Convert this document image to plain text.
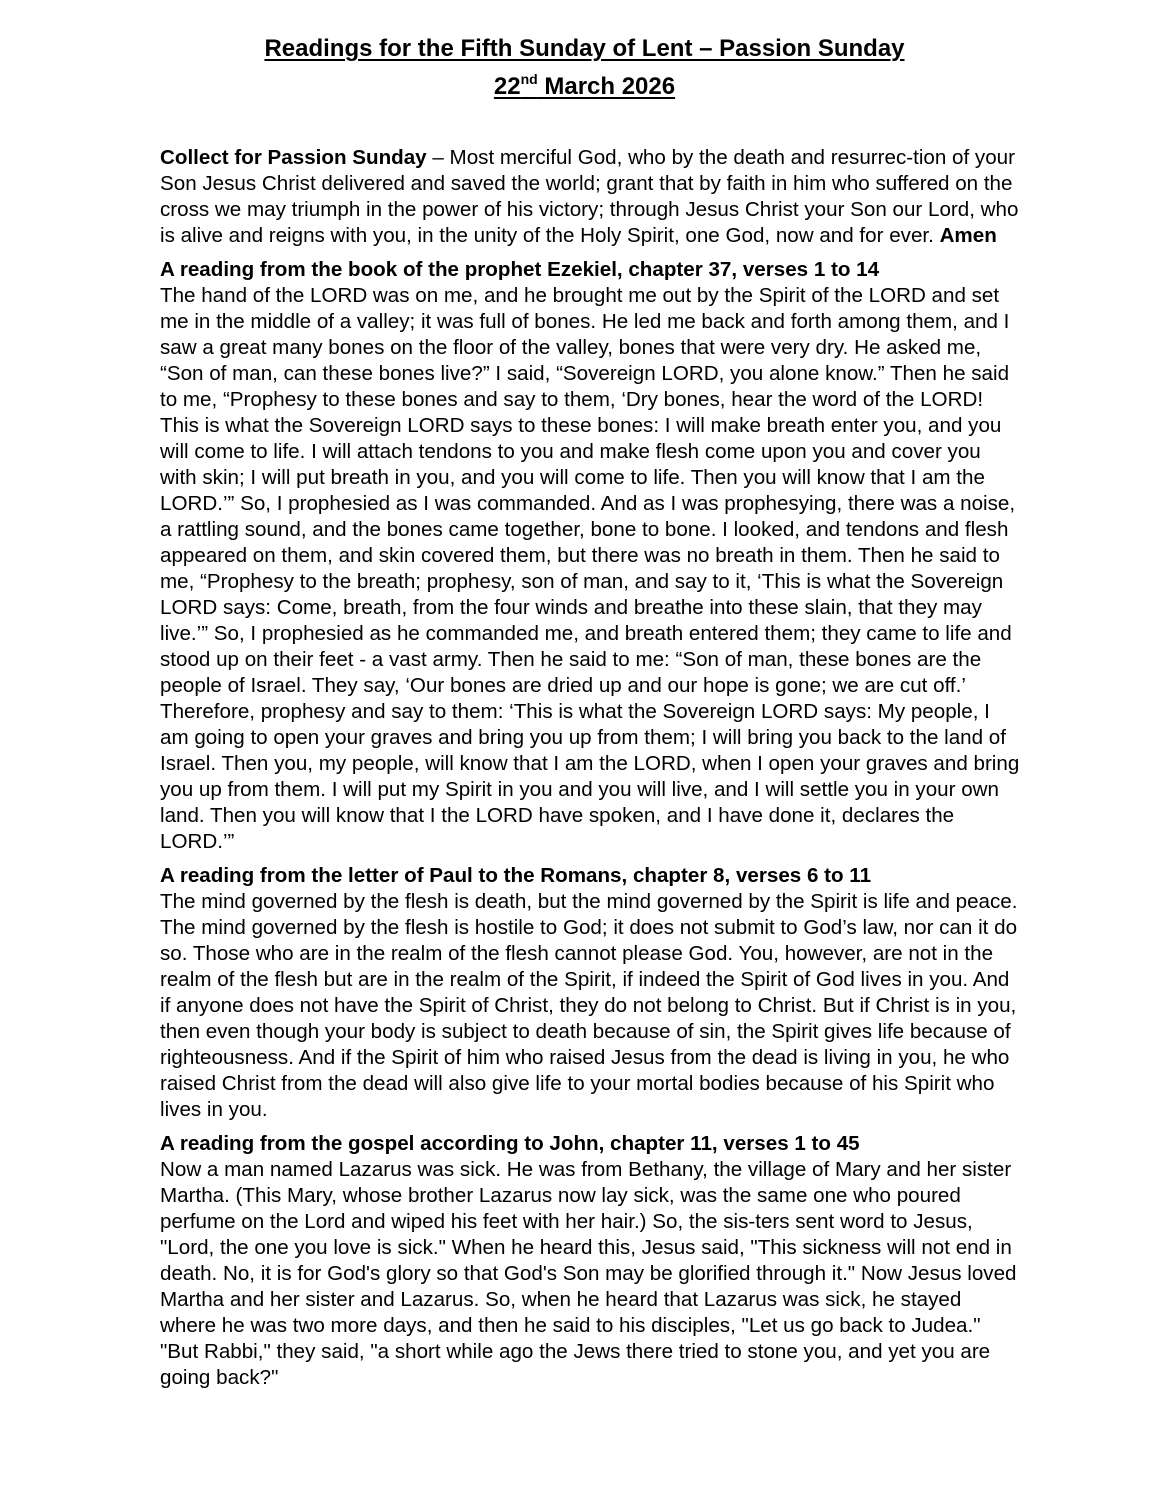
Readings for the Fifth Sunday of Lent – Passion Sunday

22nd March 2026

Collect for Passion Sunday – Most merciful God, who by the death and resurrec-tion of your Son Jesus Christ delivered and saved the world; grant that by faith in him who suffered on the cross we may triumph in the power of his victory; through Jesus Christ your Son our Lord, who is alive and reigns with you, in the unity of the Holy Spirit, one God, now and for ever. Amen
A reading from the book of the prophet Ezekiel, chapter 37, verses 1 to 14
The hand of the LORD was on me, and he brought me out by the Spirit of the LORD and set me in the middle of a valley; it was full of bones. He led me back and forth among them, and I saw a great many bones on the floor of the valley, bones that were very dry. He asked me, “Son of man, can these bones live?” I said, “Sovereign LORD, you alone know.” Then he said to me, “Prophesy to these bones and say to them, ‘Dry bones, hear the word of the LORD! This is what the Sovereign LORD says to these bones: I will make breath enter you, and you will come to life. I will attach tendons to you and make flesh come upon you and cover you with skin; I will put breath in you, and you will come to life. Then you will know that I am the LORD.’” So, I prophesied as I was commanded. And as I was prophesying, there was a noise, a rattling sound, and the bones came together, bone to bone. I looked, and tendons and flesh appeared on them, and skin covered them, but there was no breath in them. Then he said to me, “Prophesy to the breath; prophesy, son of man, and say to it, ‘This is what the Sovereign LORD says: Come, breath, from the four winds and breathe into these slain, that they may live.’” So, I prophesied as he commanded me, and breath entered them; they came to life and stood up on their feet - a vast army. Then he said to me: “Son of man, these bones are the people of Israel. They say, ‘Our bones are dried up and our hope is gone; we are cut off.’ Therefore, prophesy and say to them: ‘This is what the Sovereign LORD says: My people, I am going to open your graves and bring you up from them; I will bring you back to the land of Israel. Then you, my people, will know that I am the LORD, when I open your graves and bring you up from them. I will put my Spirit in you and you will live, and I will settle you in your own land. Then you will know that I the LORD have spoken, and I have done it, declares the LORD.’”
A reading from the letter of Paul to the Romans, chapter 8, verses 6 to 11
The mind governed by the flesh is death, but the mind governed by the Spirit is life and peace. The mind governed by the flesh is hostile to God; it does not submit to God’s law, nor can it do so. Those who are in the realm of the flesh cannot please God. You, however, are not in the realm of the flesh but are in the realm of the Spirit, if indeed the Spirit of God lives in you. And if anyone does not have the Spirit of Christ, they do not belong to Christ. But if Christ is in you, then even though your body is subject to death because of sin, the Spirit gives life because of righteousness. And if the Spirit of him who raised Jesus from the dead is living in you, he who raised Christ from the dead will also give life to your mortal bodies because of his Spirit who lives in you.
A reading from the gospel according to John, chapter 11, verses 1 to 45
Now a man named Lazarus was sick. He was from Bethany, the village of Mary and her sister Martha. (This Mary, whose brother Lazarus now lay sick, was the same one who poured perfume on the Lord and wiped his feet with her hair.) So, the sis-ters sent word to Jesus, "Lord, the one you love is sick." When he heard this, Jesus said, "This sickness will not end in death. No, it is for God's glory so that God's Son may be glorified through it." Now Jesus loved Martha and her sister and Lazarus. So, when he heard that Lazarus was sick, he stayed where he was two more days, and then he said to his disciples, "Let us go back to Judea." "But Rabbi," they said, "a short while ago the Jews there tried to stone you, and yet you are going back?"
